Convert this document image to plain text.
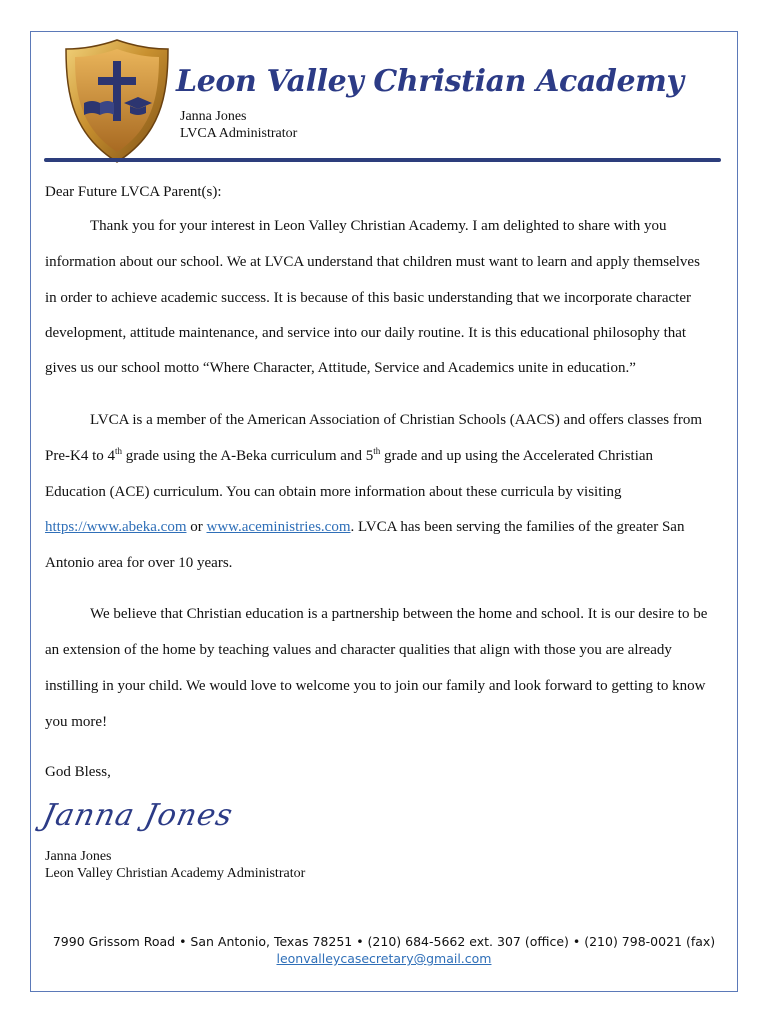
Leon Valley Christian Academy
Janna Jones
LVCA Administrator
Dear Future LVCA Parent(s):
Thank you for your interest in Leon Valley Christian Academy. I am delighted to share with you
information about our school. We at LVCA understand that children must want to learn and apply themselves
in order to achieve academic success. It is because of this basic understanding that we incorporate character
development, attitude maintenance, and service into our daily routine. It is this educational philosophy that
gives us our school motto “Where Character, Attitude, Service and Academics unite in education.”
LVCA is a member of the American Association of Christian Schools (AACS) and offers classes from
Pre-K4 to 4th grade using the A-Beka curriculum and 5th grade and up using the Accelerated Christian
Education (ACE) curriculum. You can obtain more information about these curricula by visiting
https://www.abeka.com or www.aceministries.com. LVCA has been serving the families of the greater San
Antonio area for over 10 years.
We believe that Christian education is a partnership between the home and school. It is our desire to be
an extension of the home by teaching values and character qualities that align with those you are already
instilling in your child. We would love to welcome you to join our family and look forward to getting to know
you more!
God Bless,
Janna Jones
Janna Jones
Leon Valley Christian Academy Administrator
7990 Grissom Road • San Antonio, Texas 78251 • (210) 684-5662 ext. 307 (office) • (210) 798-0021 (fax)
leonvalleycasecretary@gmail.com
